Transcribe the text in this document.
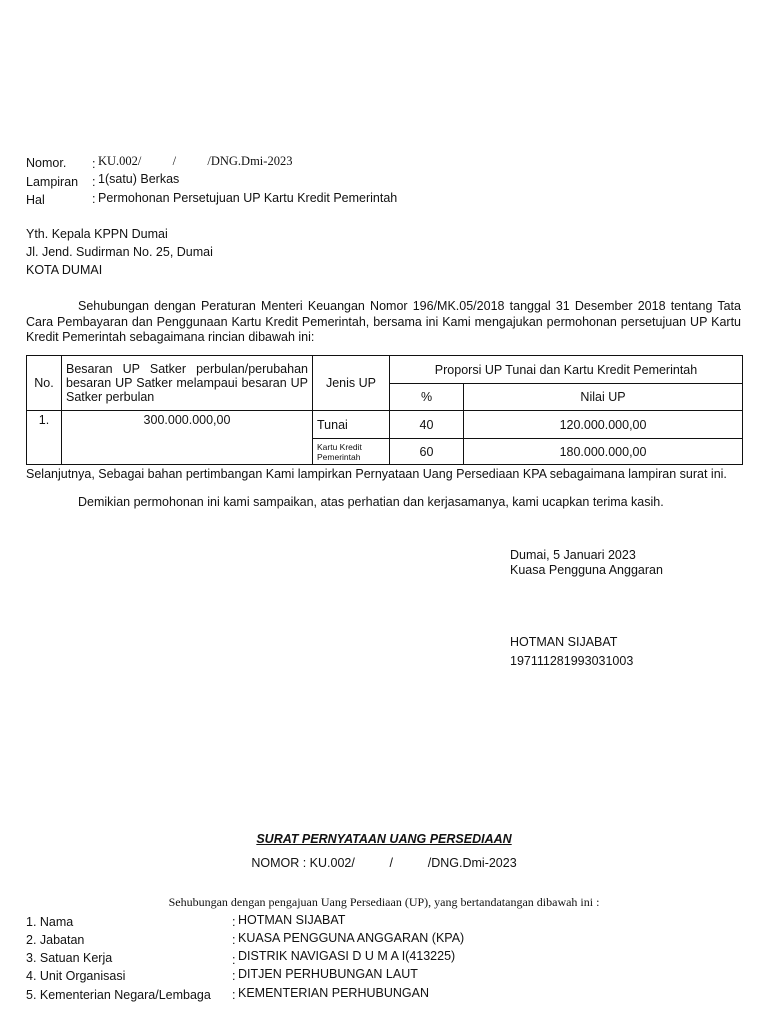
Nomor. : KU.002/          /          /DNG.Dmi-2023
Lampiran : 1(satu) Berkas
Hal	: Permohonan Persetujuan UP Kartu Kredit Pemerintah
Yth. Kepala KPPN Dumai
Jl. Jend. Sudirman No. 25, Dumai
KOTA DUMAI
Sehubungan dengan Peraturan Menteri Keuangan Nomor 196/MK.05/2018 tanggal 31 Desember 2018 tentang Tata Cara Pembayaran dan Penggunaan Kartu Kredit Pemerintah, bersama ini Kami mengajukan permohonan persetujuan UP Kartu Kredit Pemerintah sebagaimana rincian dibawah ini:
No.	Besaran UP Satker perbulan/perubahan besaran UP Satker melampaui besaran UP Satker perbulan	Jenis UP	Proporsi UP Tunai dan Kartu Kredit Pemerintah	
			%	Nilai UP
1.	300.000.000,00	Tunai	40	120.000.000,00
		Kartu Kredit Pemerintah	60	180.000.000,00
Selanjutnya, Sebagai bahan pertimbangan Kami lampirkan Pernyataan Uang Persediaan KPA sebagaimana lampiran surat ini.
Demikian permohonan ini kami sampaikan, atas perhatian dan kerjasamanya, kami ucapkan terima kasih.
Dumai, 5 Januari 2023
Kuasa Pengguna Anggaran
HOTMAN SIJABAT
197111281993031003
SURAT PERNYATAAN UANG PERSEDIAAN
NOMOR : KU.002/          /          /DNG.Dmi-2023
Sehubungan dengan pengajuan Uang Persediaan (UP), yang bertandatangan dibawah ini :
1. Nama	: HOTMAN SIJABAT
2. Jabatan	: KUASA PENGGUNA ANGGARAN (KPA)
3. Satuan Kerja	: DISTRIK NAVIGASI D U M A I(413225)
4. Unit Organisasi	: DITJEN PERHUBUNGAN LAUT
5. Kementerian Negara/Lembaga : KEMENTERIAN PERHUBUNGAN
